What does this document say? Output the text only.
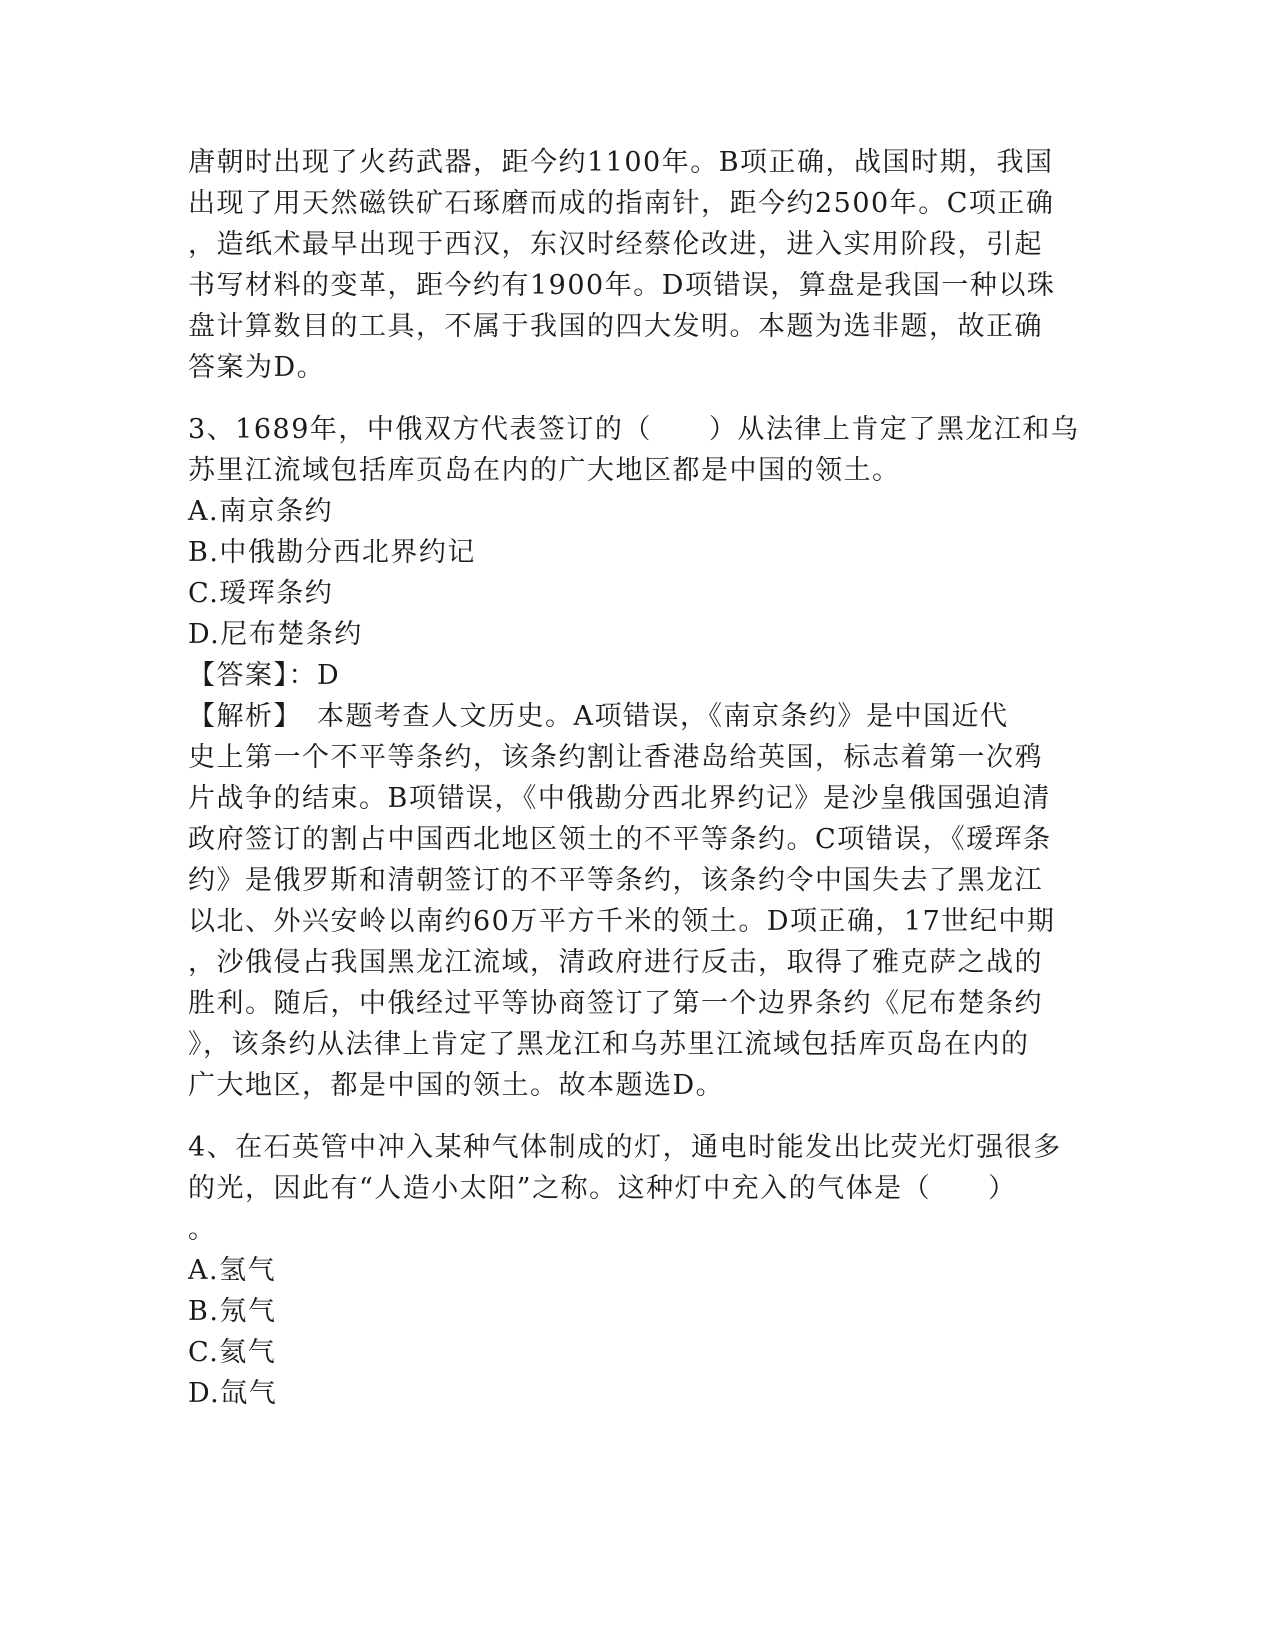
唐朝时出现了火药武器，距今约1100年。B项正确，战国时期，我国
出现了用天然磁铁矿石琢磨而成的指南针，距今约2500年。C项正确
，造纸术最早出现于西汉，东汉时经蔡伦改进，进入实用阶段，引起
书写材料的变革，距今约有1900年。D项错误，算盘是我国一种以珠
盘计算数目的工具，不属于我国的四大发明。本题为选非题，故正确
答案为D。
3、1689年，中俄双方代表签订的（　　）从法律上肯定了黑龙江和乌
苏里江流域包括库页岛在内的广大地区都是中国的领土。
A.南京条约
B.中俄勘分西北界约记
C.瑷珲条约
D.尼布楚条约
【答案】：D
【解析】　本题考查人文历史。A项错误，《南京条约》是中国近代
史上第一个不平等条约，该条约割让香港岛给英国，标志着第一次鸦
片战争的结束。B项错误，《中俄勘分西北界约记》是沙皇俄国强迫清
政府签订的割占中国西北地区领土的不平等条约。C项错误，《瑷珲条
约》是俄罗斯和清朝签订的不平等条约，该条约令中国失去了黑龙江
以北、外兴安岭以南约60万平方千米的领土。D项正确，17世纪中期
，沙俄侵占我国黑龙江流域，清政府进行反击，取得了雅克萨之战的
胜利。随后，中俄经过平等协商签订了第一个边界条约《尼布楚条约
》，该条约从法律上肯定了黑龙江和乌苏里江流域包括库页岛在内的
广大地区，都是中国的领土。故本题选D。
4、在石英管中冲入某种气体制成的灯，通电时能发出比荧光灯强很多
的光，因此有“人造小太阳”之称。这种灯中充入的气体是（　　）
。
A.氢气
B.氖气
C.氦气
D.氙气
